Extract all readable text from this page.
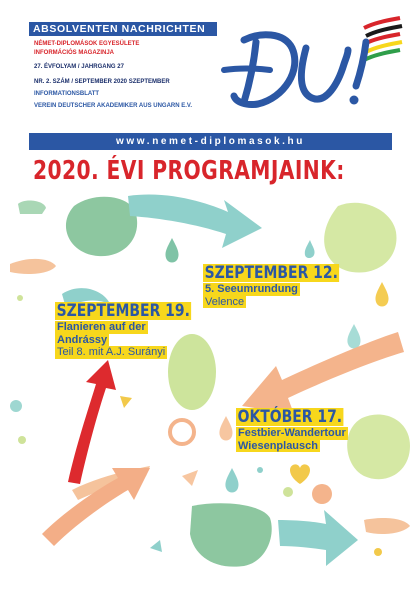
ABSOLVENTEN NACHRICHTEN
NÉMET-DIPLOMÁSOK EGYESÜLETE
INFORMÁCIÓS MAGAZINJA
27. ÉVFOLYAM / JAHRGANG 27
NR. 2. SZÁM / SEPTEMBER 2020 SZEPTEMBER
INFORMATIONSBLATT
VEREIN DEUTSCHER AKADEMIKER AUS UNGARN E.V.
www.nemet-diplomasok.hu
2020. ÉVI PROGRAMJAINK:
SZEPTEMBER 12.
5. Seeumrundung
Velence
SZEPTEMBER 19.
Flanieren auf der
Andrássy
Teil 8. mit A.J. Surányi
OKTÓBER 17.
Festbier-Wandertour
Wiesenplausch
